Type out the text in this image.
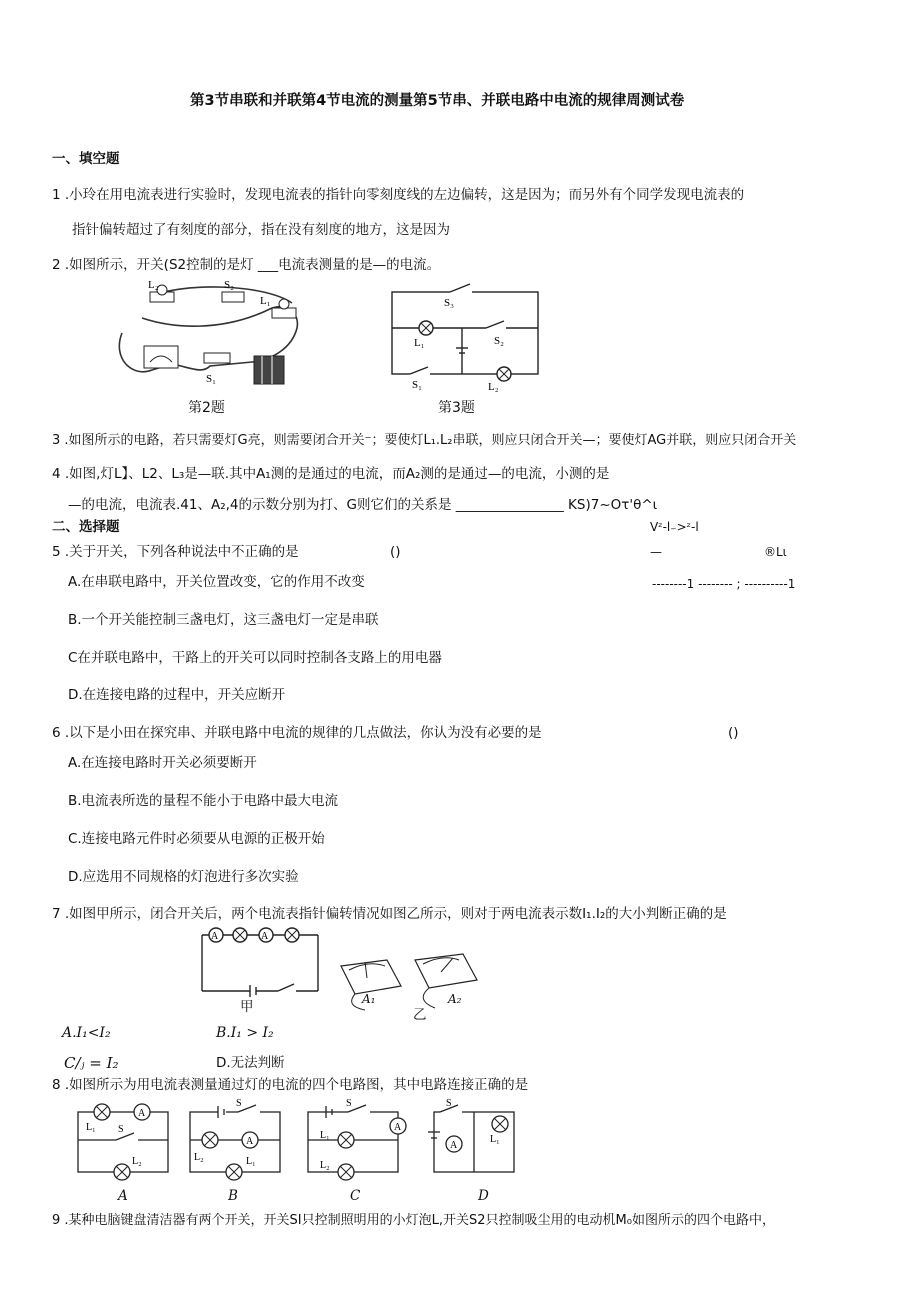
第3节串联和并联第4节电流的测量第5节串、并联电路中电流的规律周测试卷
一、填空题
1 .小玲在用电流表进行实验时，发现电流表的指针向零刻度线的左边偏转，这是因为；而另外有个同学发现电流表的
指针偏转超过了有刻度的部分，指在没有刻度的地方，这是因为
2 .如图所示，开关(S2控制的是灯 ___电流表测量的是—的电流。
L₂
L₁
S₂
S₁
S₃
L₁	S₂
S₁	L₂
第2题	第3题
3 .如图所示的电路，若只需要灯G亮，则需要闭合开关⁻；要使灯L₁.L₂串联，则应只闭合开关—；要使灯AG并联，则应只闭合开关
4 .如图,灯L】、L2、L₃是—联.其中A₁测的是通过的电流，而A₂测的是通过—的电流，小测的是
—的电流，电流表.41、A₂,4的示数分别为打、G则它们的关系是 ________________ KS)7~Oτ'θ^ι
二、选择题	Vᶻ-l₋>ᶻ-l
—	®Lι
--------1 -------- ; ----------1
5 .关于开关，下列各种说法中不正确的是	()
A.在串联电路中，开关位置改变，它的作用不改变
B.一个开关能控制三盏电灯，这三盏电灯一定是串联
C在并联电路中，干路上的开关可以同时控制各支路上的用电器
D.在连接电路的过程中，开关应断开
6 .以下是小田在探究串、并联电路中电流的规律的几点做法，你认为没有必要的是	()
A.在连接电路时开关必须要断开
B.电流表所选的量程不能小于电路中最大电流
C.连接电路元件时必须要从电源的正极开始
D.应选用不同规格的灯泡进行多次实验
7 .如图甲所示，闭合开关后，两个电流表指针偏转情况如图乙所示，则对于两电流表示数I₁.I₂的大小判断正确的是
A	A
甲	A₁
乙
A₂
A.I₁<I₂	B.I₁ > I₂
C/ⱼ = I₂	D.无法判断
8 .如图所示为用电流表测量通过灯的电流的四个电路图，其中电路连接正确的是
A
L₁ S
L₂
A
S
L₂	L₁
A
S
L₁
L₂
A
S
L₁
A	B	C	D
9 .某种电脑键盘清洁器有两个开关，开关SI只控制照明用的小灯泡L,开关S2只控制吸尘用的电动机M₀如图所示的四个电路中，
